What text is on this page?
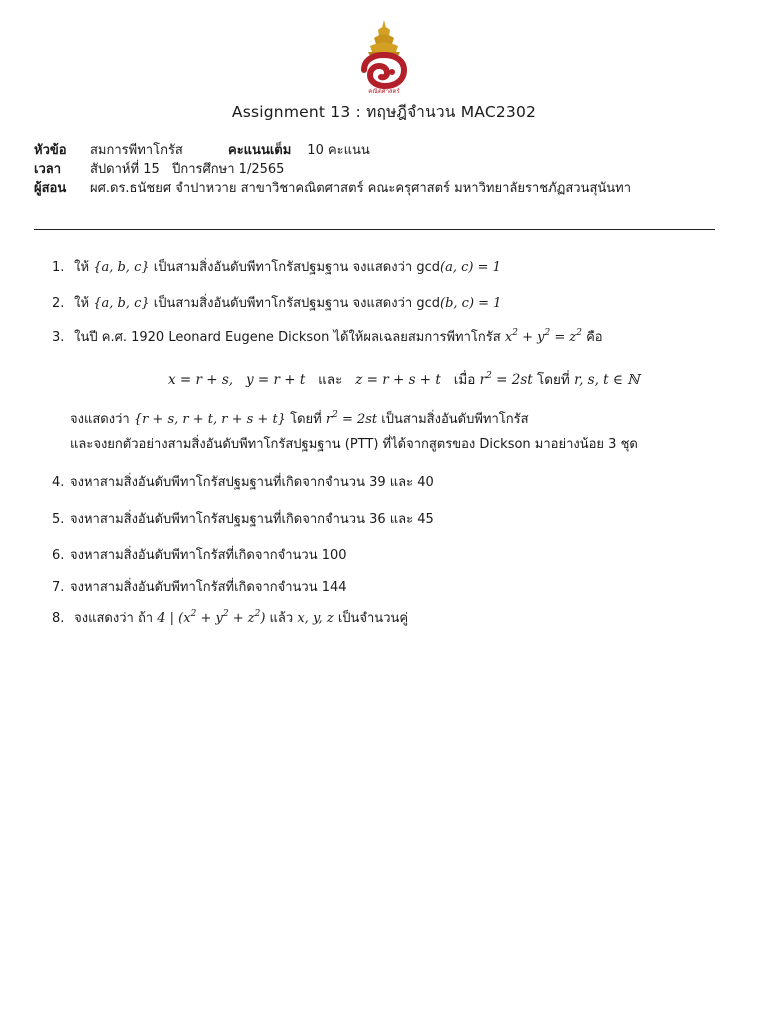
คณิตศาสตร์
Assignment 13 : ทฤษฎีจำนวน MAC2302
หัวข้อ	สมการพีทาโกรัส	คะแนนเต็ม 10 คะแนน
เวลา	สัปดาห์ที่ 15   ปีการศึกษา 1/2565
ผู้สอน	ผศ.ดร.ธนัชยศ จำปาหวาย สาขาวิชาคณิตศาสตร์ คณะครุศาสตร์ มหาวิทยาลัยราชภัฏสวนสุนันทา
1. ให้ {a, b, c} เป็นสามสิ่งอันดับพีทาโกรัสปฐมฐาน จงแสดงว่า gcd(a, c) = 1
2. ให้ {a, b, c} เป็นสามสิ่งอันดับพีทาโกรัสปฐมฐาน จงแสดงว่า gcd(b, c) = 1
3. ในปี ค.ศ. 1920 Leonard Eugene Dickson ได้ให้ผลเฉลยสมการพีทาโกรัส $x^2 + y^2 = z^2$ คือ
x = r + s, y = r + t และ z = r + s + t เมื่อ $r^2 = 2st$ โดยที่ r, s, t ∈ ℕ
จงแสดงว่า {r + s, r + t, r + s + t} โดยที่ $r^2 = 2st$ เป็นสามสิ่งอันดับพีทาโกรัส
และจงยกตัวอย่างสามสิ่งอันดับพีทาโกรัสปฐมฐาน (PTT) ที่ได้จากสูตรของ Dickson มาอย่างน้อย 3 ชุด
4. จงหาสามสิ่งอันดับพีทาโกรัสปฐมฐานที่เกิดจากจำนวน 39 และ 40
5. จงหาสามสิ่งอันดับพีทาโกรัสปฐมฐานที่เกิดจากจำนวน 36 และ 45
6. จงหาสามสิ่งอันดับพีทาโกรัสที่เกิดจากจำนวน 100
7. จงหาสามสิ่งอันดับพีทาโกรัสที่เกิดจากจำนวน 144
8. จงแสดงว่า ถ้า 4 | $(x^2 + y^2 + z^2)$ แล้ว x, y, z เป็นจำนวนคู่
